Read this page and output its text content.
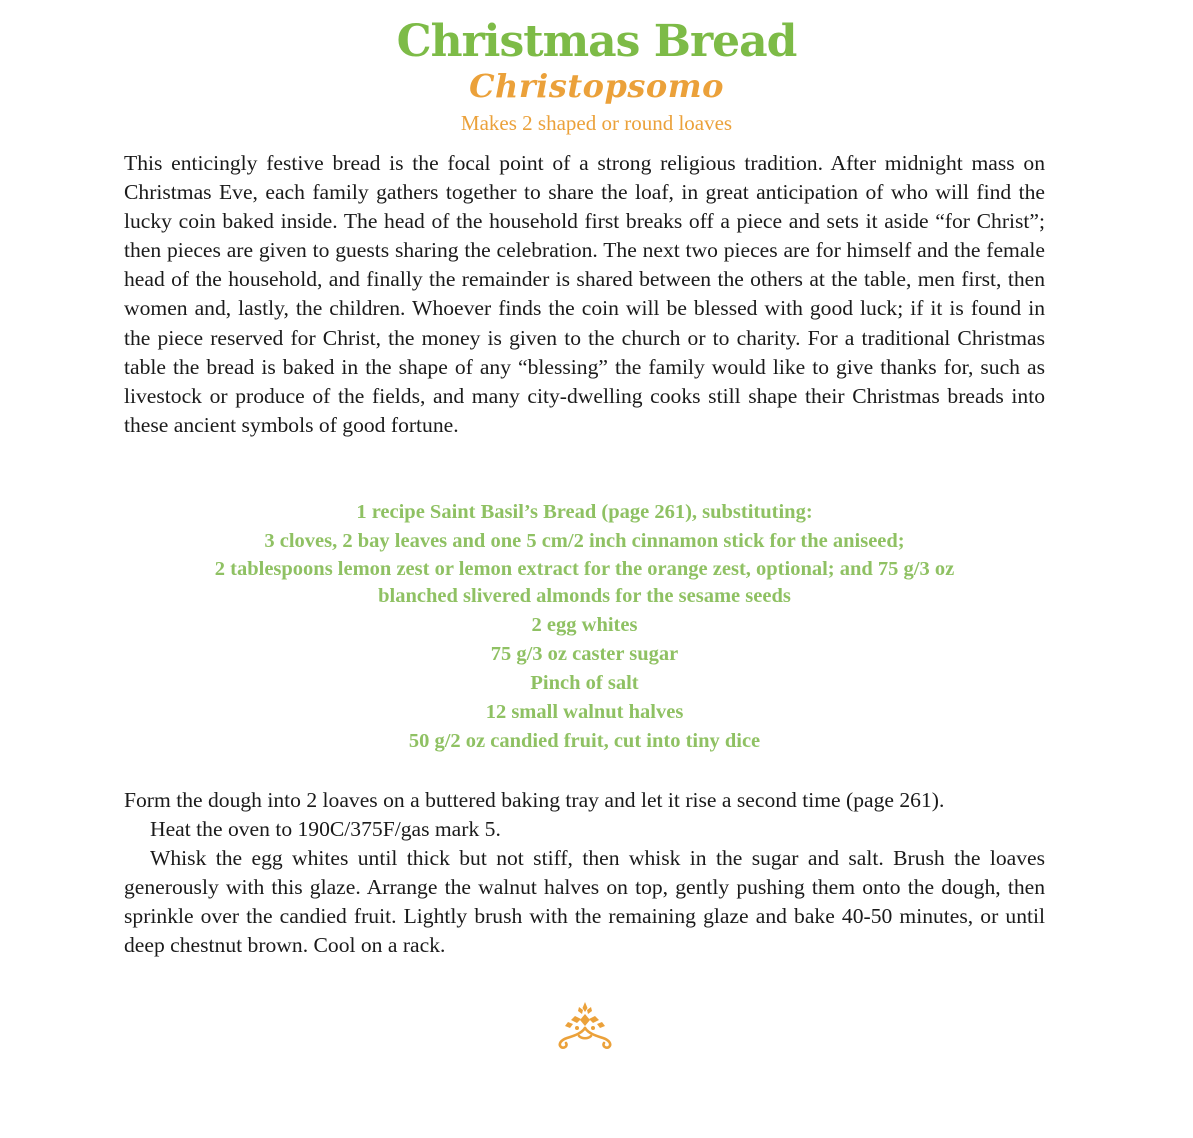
Christmas Bread
Christopsomo
Makes 2 shaped or round loaves

This enticingly festive bread is the focal point of a strong religious tradition. After midnight mass on Christmas Eve, each family gathers together to share the loaf, in great anticipation of who will find the lucky coin baked inside. The head of the household first breaks off a piece and sets it aside “for Christ”; then pieces are given to guests sharing the celebration. The next two pieces are for himself and the female head of the household, and finally the remainder is shared between the others at the table, men first, then women and, lastly, the children. Whoever finds the coin will be blessed with good luck; if it is found in the piece reserved for Christ, the money is given to the church or to charity. For a traditional Christmas table the bread is baked in the shape of any “blessing” the family would like to give thanks for, such as livestock or produce of the fields, and many city-dwelling cooks still shape their Christmas breads into these ancient symbols of good fortune.

1 recipe Saint Basil’s Bread (page 261), substituting:
3 cloves, 2 bay leaves and one 5 cm/2 inch cinnamon stick for the aniseed;
2 tablespoons lemon zest or lemon extract for the orange zest, optional; and 75 g/3 oz
blanched slivered almonds for the sesame seeds
2 egg whites
75 g/3 oz caster sugar
Pinch of salt
12 small walnut halves
50 g/2 oz candied fruit, cut into tiny dice

Form the dough into 2 loaves on a buttered baking tray and let it rise a second time (page 261).

Heat the oven to 190C/375F/gas mark 5.

Whisk the egg whites until thick but not stiff, then whisk in the sugar and salt. Brush the loaves generously with this glaze. Arrange the walnut halves on top, gently pushing them onto the dough, then sprinkle over the candied fruit. Lightly brush with the remaining glaze and bake 40-50 minutes, or until deep chestnut brown. Cool on a rack.
